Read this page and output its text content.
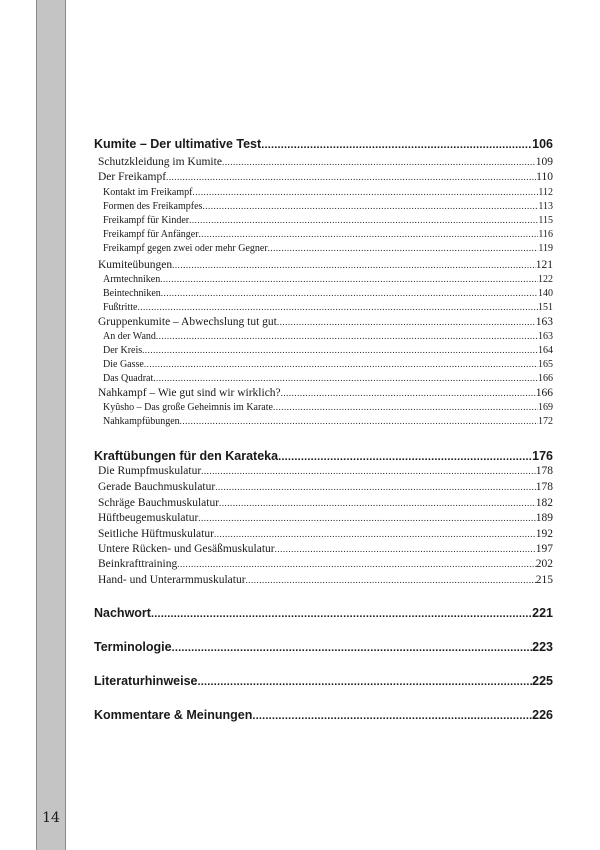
14
Kumite – Der ultimative Test .....	106
Schutzkleidung im Kumite .....	109
Der Freikampf .....	110
Kontakt im Freikampf .....	112
Formen des Freikampfes .....	113
Freikampf für Kinder .....	115
Freikampf für Anfänger .....	116
Freikampf gegen zwei oder mehr Gegner .....	119
Kumiteübungen .....	121
Armtechniken .....	122
Beintechniken .....	140
Fußtritte .....	151
Gruppenkumite – Abwechslung tut gut .....	163
An der Wand .....	163
Der Kreis .....	164
Die Gasse .....	165
Das Quadrat .....	166
Nahkampf – Wie gut sind wir wirklich? .....	166
Kyûsho – Das große Geheimnis im Karate .....	169
Nahkampfübungen .....	172
Kraftübungen für den Karateka .....	176
Die Rumpfmuskulatur .....	178
Gerade Bauchmuskulatur .....	178
Schräge Bauchmuskulatur .....	182
Hüftbeugemuskulatur .....	189
Seitliche Hüftmuskulatur .....	192
Untere Rücken- und Gesäßmuskulatur .....	197
Beinkrafttraining .....	202
Hand- und Unterarmmuskulatur .....	215
Nachwort .....	221
Terminologie .....	223
Literaturhinweise .....	225
Kommentare & Meinungen .....	226
